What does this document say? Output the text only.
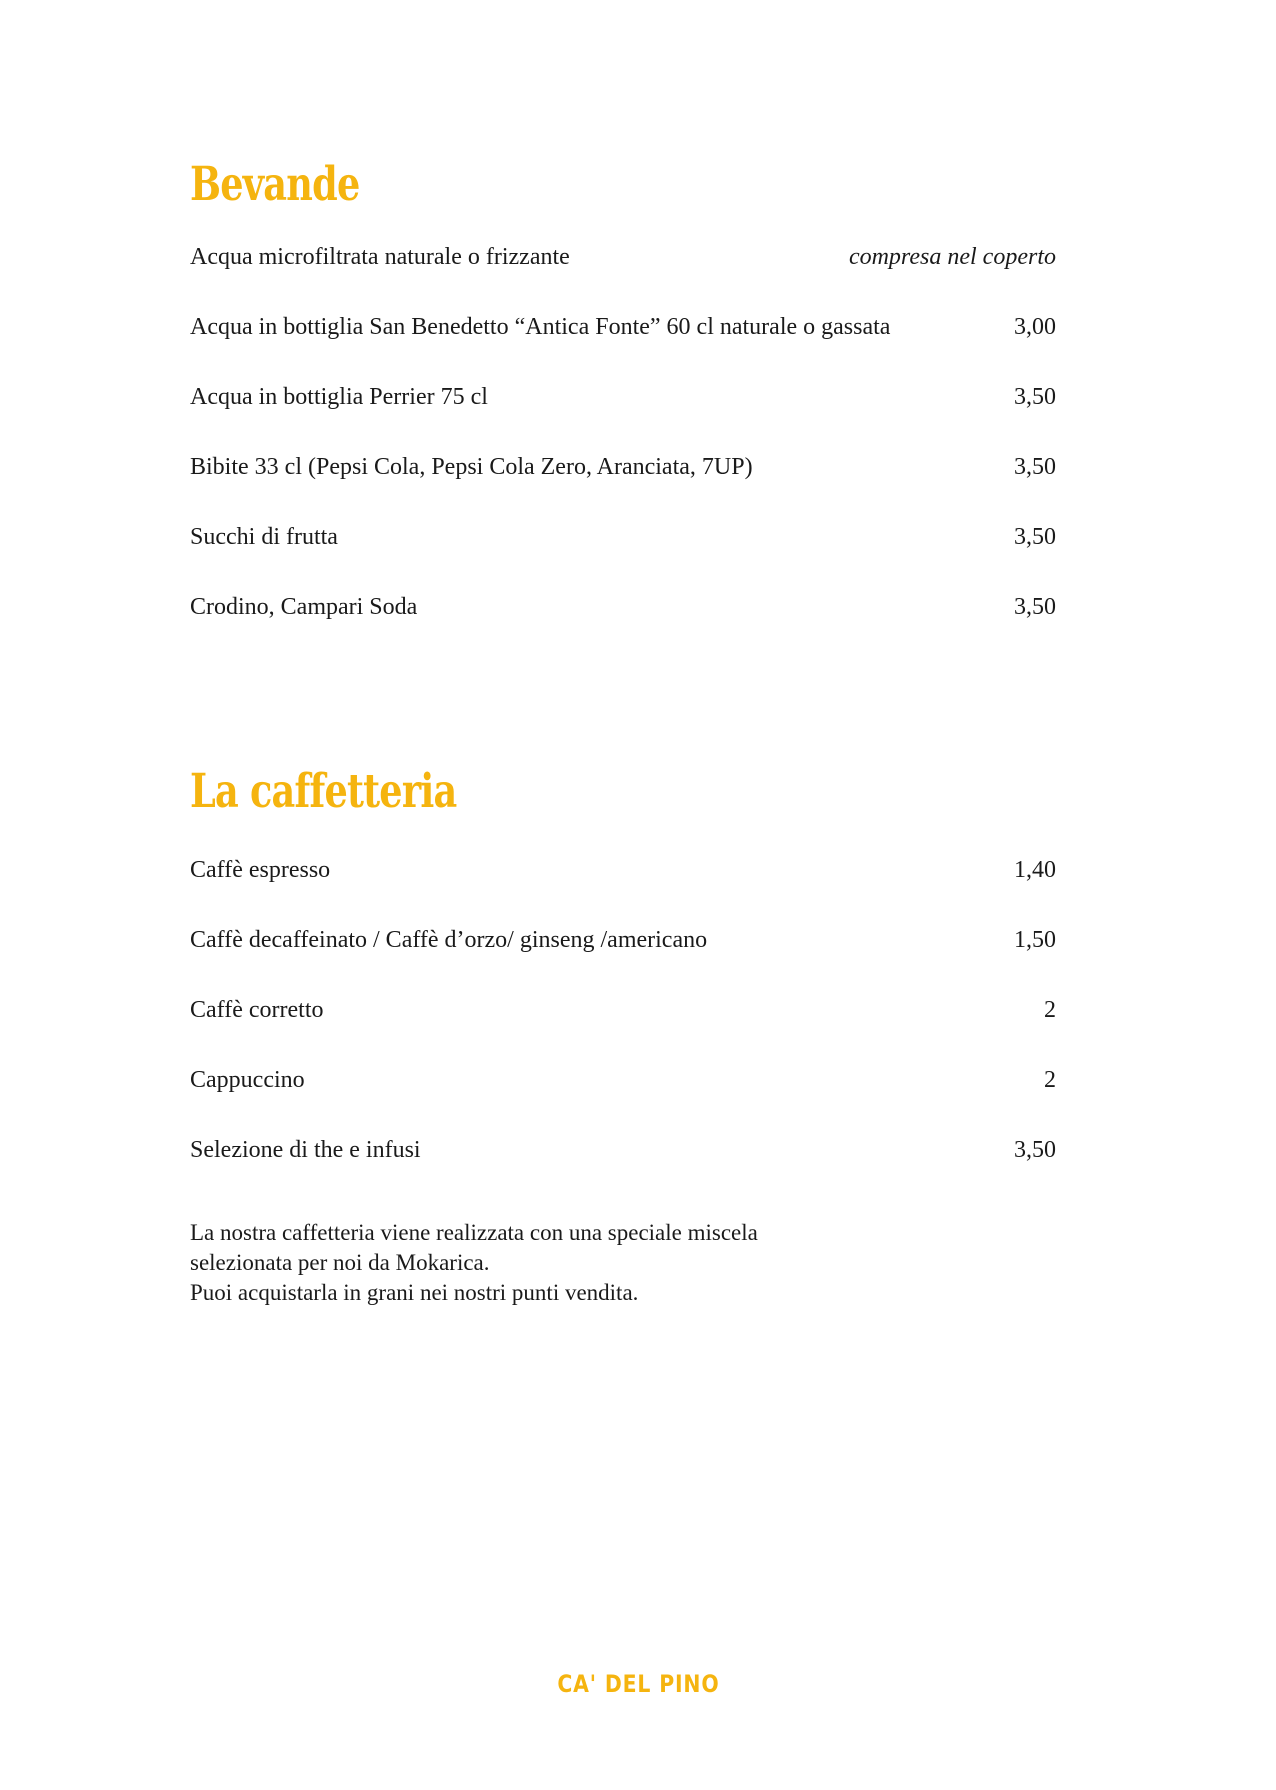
Bevande
Acqua microfiltrata naturale o frizzante	compresa nel coperto
Acqua in bottiglia San Benedetto “Antica Fonte” 60 cl naturale o gassata	3,00
Acqua in bottiglia Perrier 75 cl	3,50
Bibite 33 cl (Pepsi Cola, Pepsi Cola Zero, Aranciata, 7UP)	3,50
Succhi di frutta	3,50
Crodino, Campari Soda	3,50
La caffetteria
Caffè espresso	1,40
Caffè decaffeinato / Caffè d’orzo/ ginseng /americano	1,50
Caffè corretto	2
Cappuccino	2
Selezione di the e infusi	3,50

La nostra caffetteria viene realizzata con una speciale miscela

selezionata per noi da Mokarica.

Puoi acquistarla in grani nei nostri punti vendita.

CA' DEL PINO
